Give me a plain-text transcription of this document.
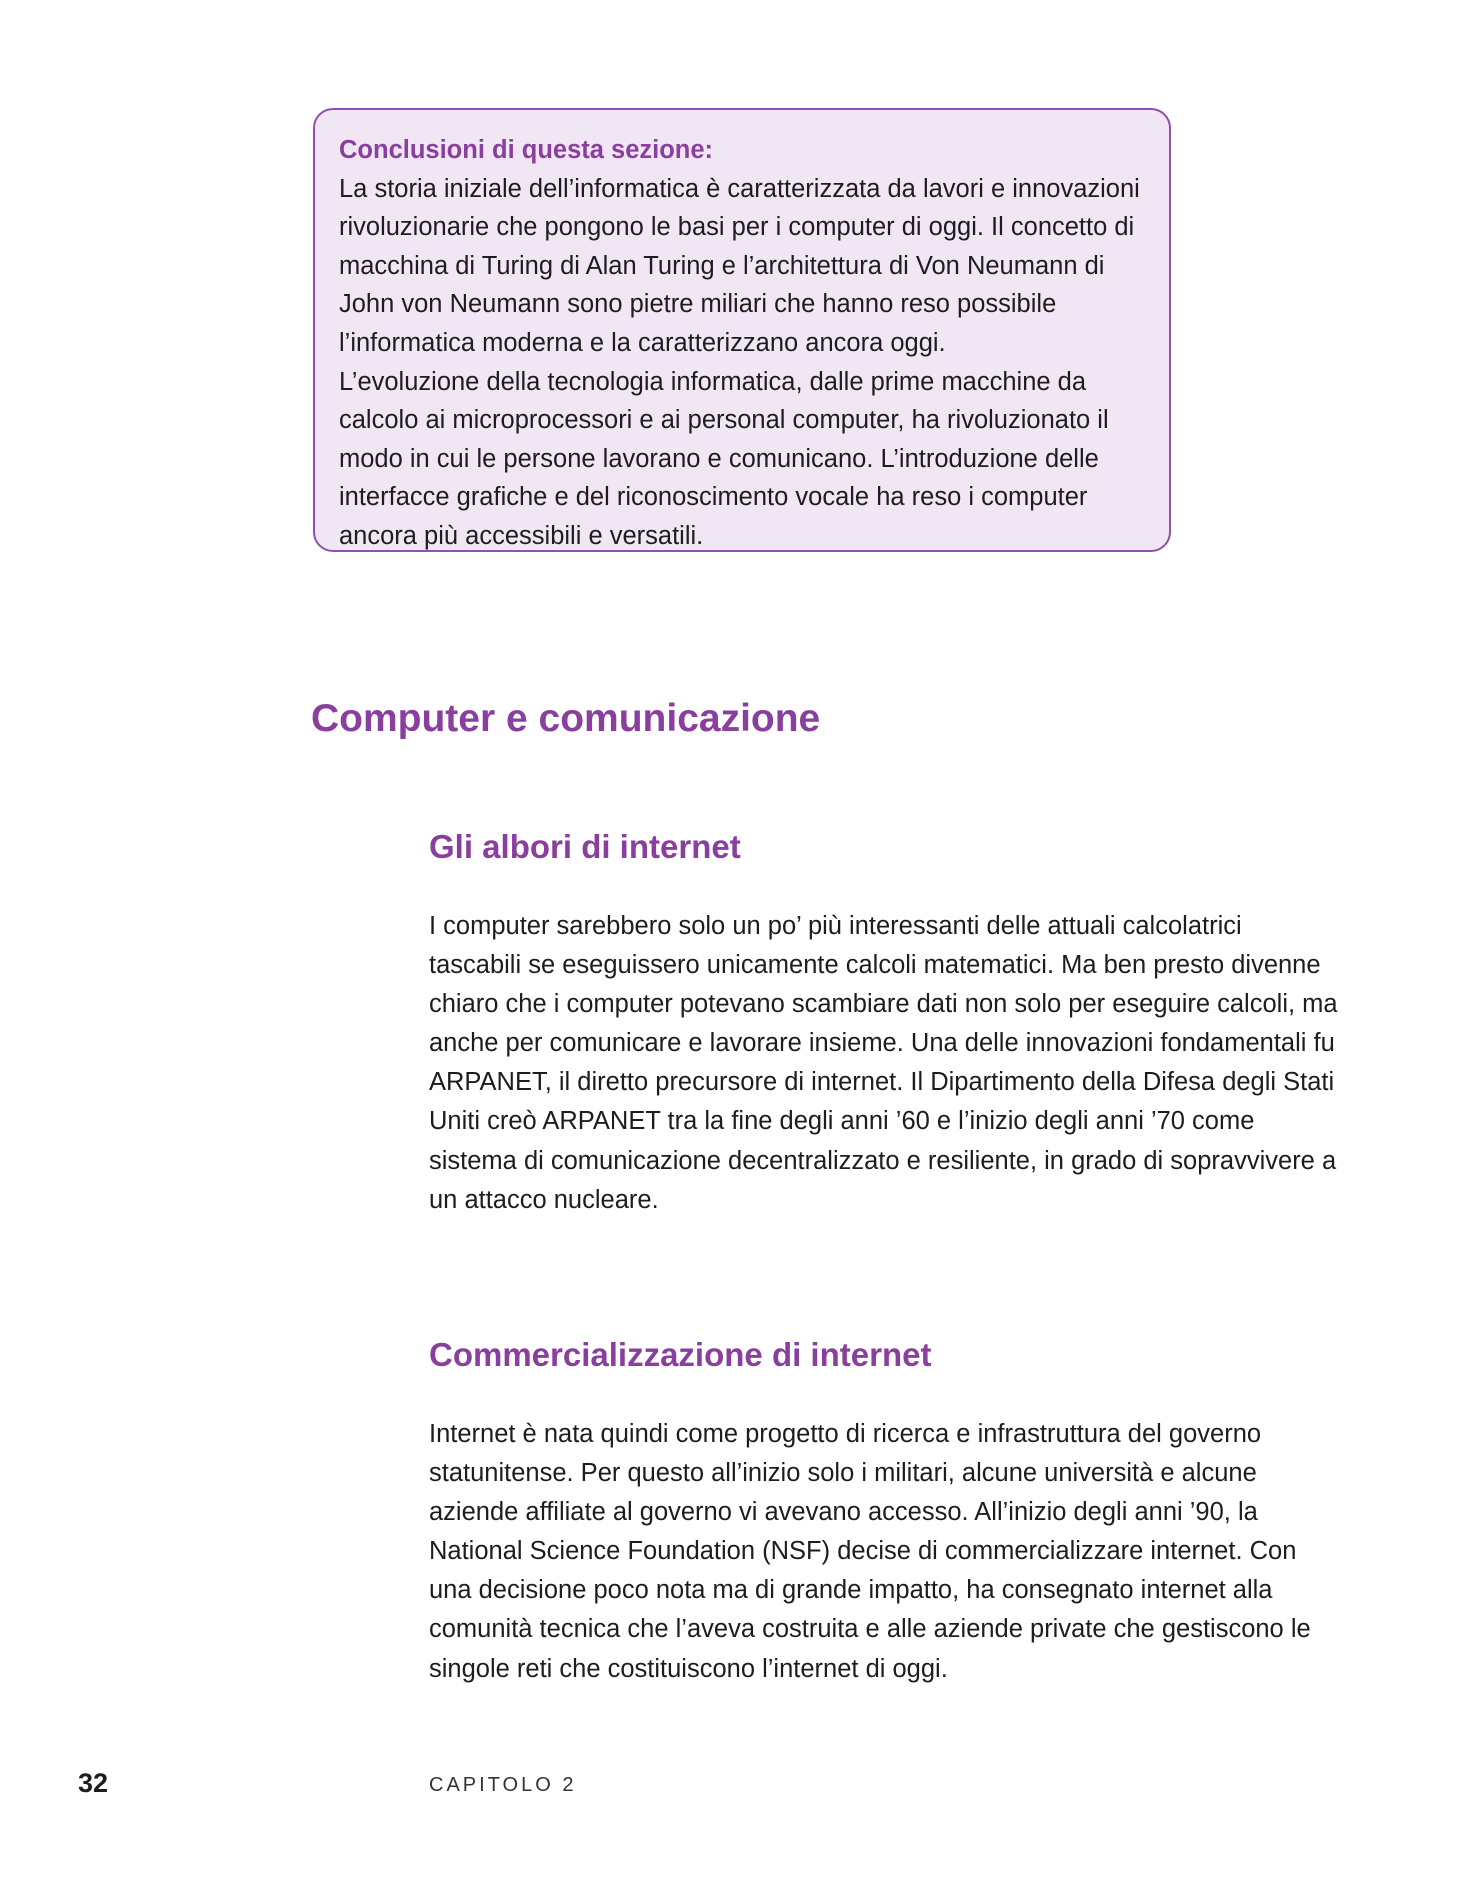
Conclusioni di questa sezione:

La storia iniziale dell’informatica è caratterizzata da lavori e innovazioni rivoluzionarie che pongono le basi per i computer di oggi. Il concetto di macchina di Turing di Alan Turing e l’architettura di Von Neumann di John von Neumann sono pietre miliari che hanno reso possibile l’informatica moderna e la caratterizzano ancora oggi.

L’evoluzione della tecnologia informatica, dalle prime macchine da calcolo ai microprocessori e ai personal computer, ha rivoluzionato il modo in cui le persone lavorano e comunicano. L’introduzione delle interfacce grafiche e del riconoscimento vocale ha reso i computer ancora più accessibili e versatili.

Computer e comunicazione
Gli albori di internet

I computer sarebbero solo un po’ più interessanti delle attuali calcolatrici tascabili se eseguissero unicamente calcoli matematici. Ma ben presto divenne chiaro che i computer potevano scambiare dati non solo per eseguire calcoli, ma anche per comunicare e lavorare insieme. Una delle innovazioni fondamentali fu ARPANET, il diretto precursore di internet. Il Dipartimento della Difesa degli Stati Uniti creò ARPANET tra la fine degli anni ’60 e l’inizio degli anni ’70 come sistema di comunicazione decentralizzato e resiliente, in grado di sopravvivere a un attacco nucleare.

Commercializzazione di internet

Internet è nata quindi come progetto di ricerca e infrastruttura del governo statunitense. Per questo all’inizio solo i militari, alcune università e alcune aziende affiliate al governo vi avevano accesso. All’inizio degli anni ’90, la National Science Foundation (NSF) decise di commercializzare internet. Con una decisione poco nota ma di grande impatto, ha consegnato internet alla comunità tecnica che l’aveva costruita e alle aziende private che gestiscono le singole reti che costituiscono l’internet di oggi.

32	CAPITOLO 2
